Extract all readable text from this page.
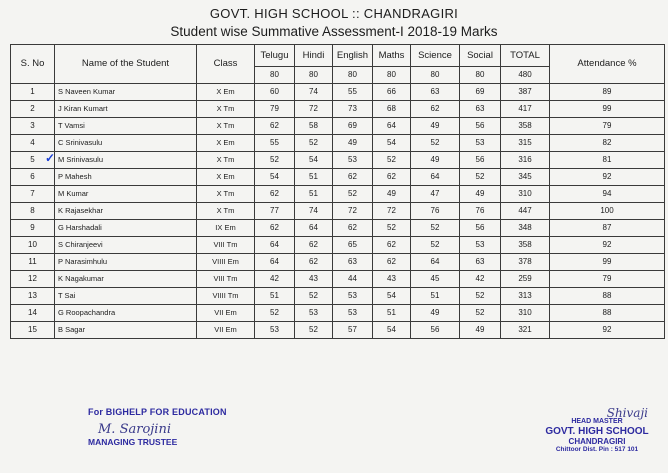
GOVT. HIGH SCHOOL :: CHANDRAGIRI
Student wise Summative Assessment-I 2018-19 Marks
S. No	Name of the Student	Class	Telugu	Hindi	English	Maths	Science	Social	TOTAL	Attendance %
			80	80	80	80	80	80	480	
1	S Naveen Kumar	X Em	60	74	55	66	63	69	387	89
2	J Kiran Kumart	X Tm	79	72	73	68	62	63	417	99
3	T Vamsi	X Tm	62	58	69	64	49	56	358	79
4	C Srinivasulu	X Em	55	52	49	54	52	53	315	82
5	✓ M Srinivasulu	X Tm	52	54	53	52	49	56	316	81
6	P Mahesh	X Em	54	51	62	62	64	52	345	92
7	M Kumar	X Tm	62	51	52	49	47	49	310	94
8	K Rajasekhar	X Tm	77	74	72	72	76	76	447	100
9	G Harshadali	IX Em	62	64	62	52	52	56	348	87
10	S Chiranjeevi	VIII Tm	64	62	65	62	52	53	358	92
11	P Narasimhulu	VIIII Em	64	62	63	62	64	63	378	99
12	K Nagakumar	VIII Tm	42	43	44	43	45	42	259	79
13	T Sai	VIIII Tm	51	52	53	54	51	52	313	88
14	G Roopachandra	VII Em	52	53	53	51	49	52	310	88
15	B Sagar	VII Em	53	52	57	54	56	49	321	92
For BIGHELP FOR EDUCATION
M. Sarojini
MANAGING TRUSTEE
Shivaji
HEAD MASTER
GOVT. HIGH SCHOOL
CHANDRAGIRI
Chittoor Dist. Pin : 517 101
